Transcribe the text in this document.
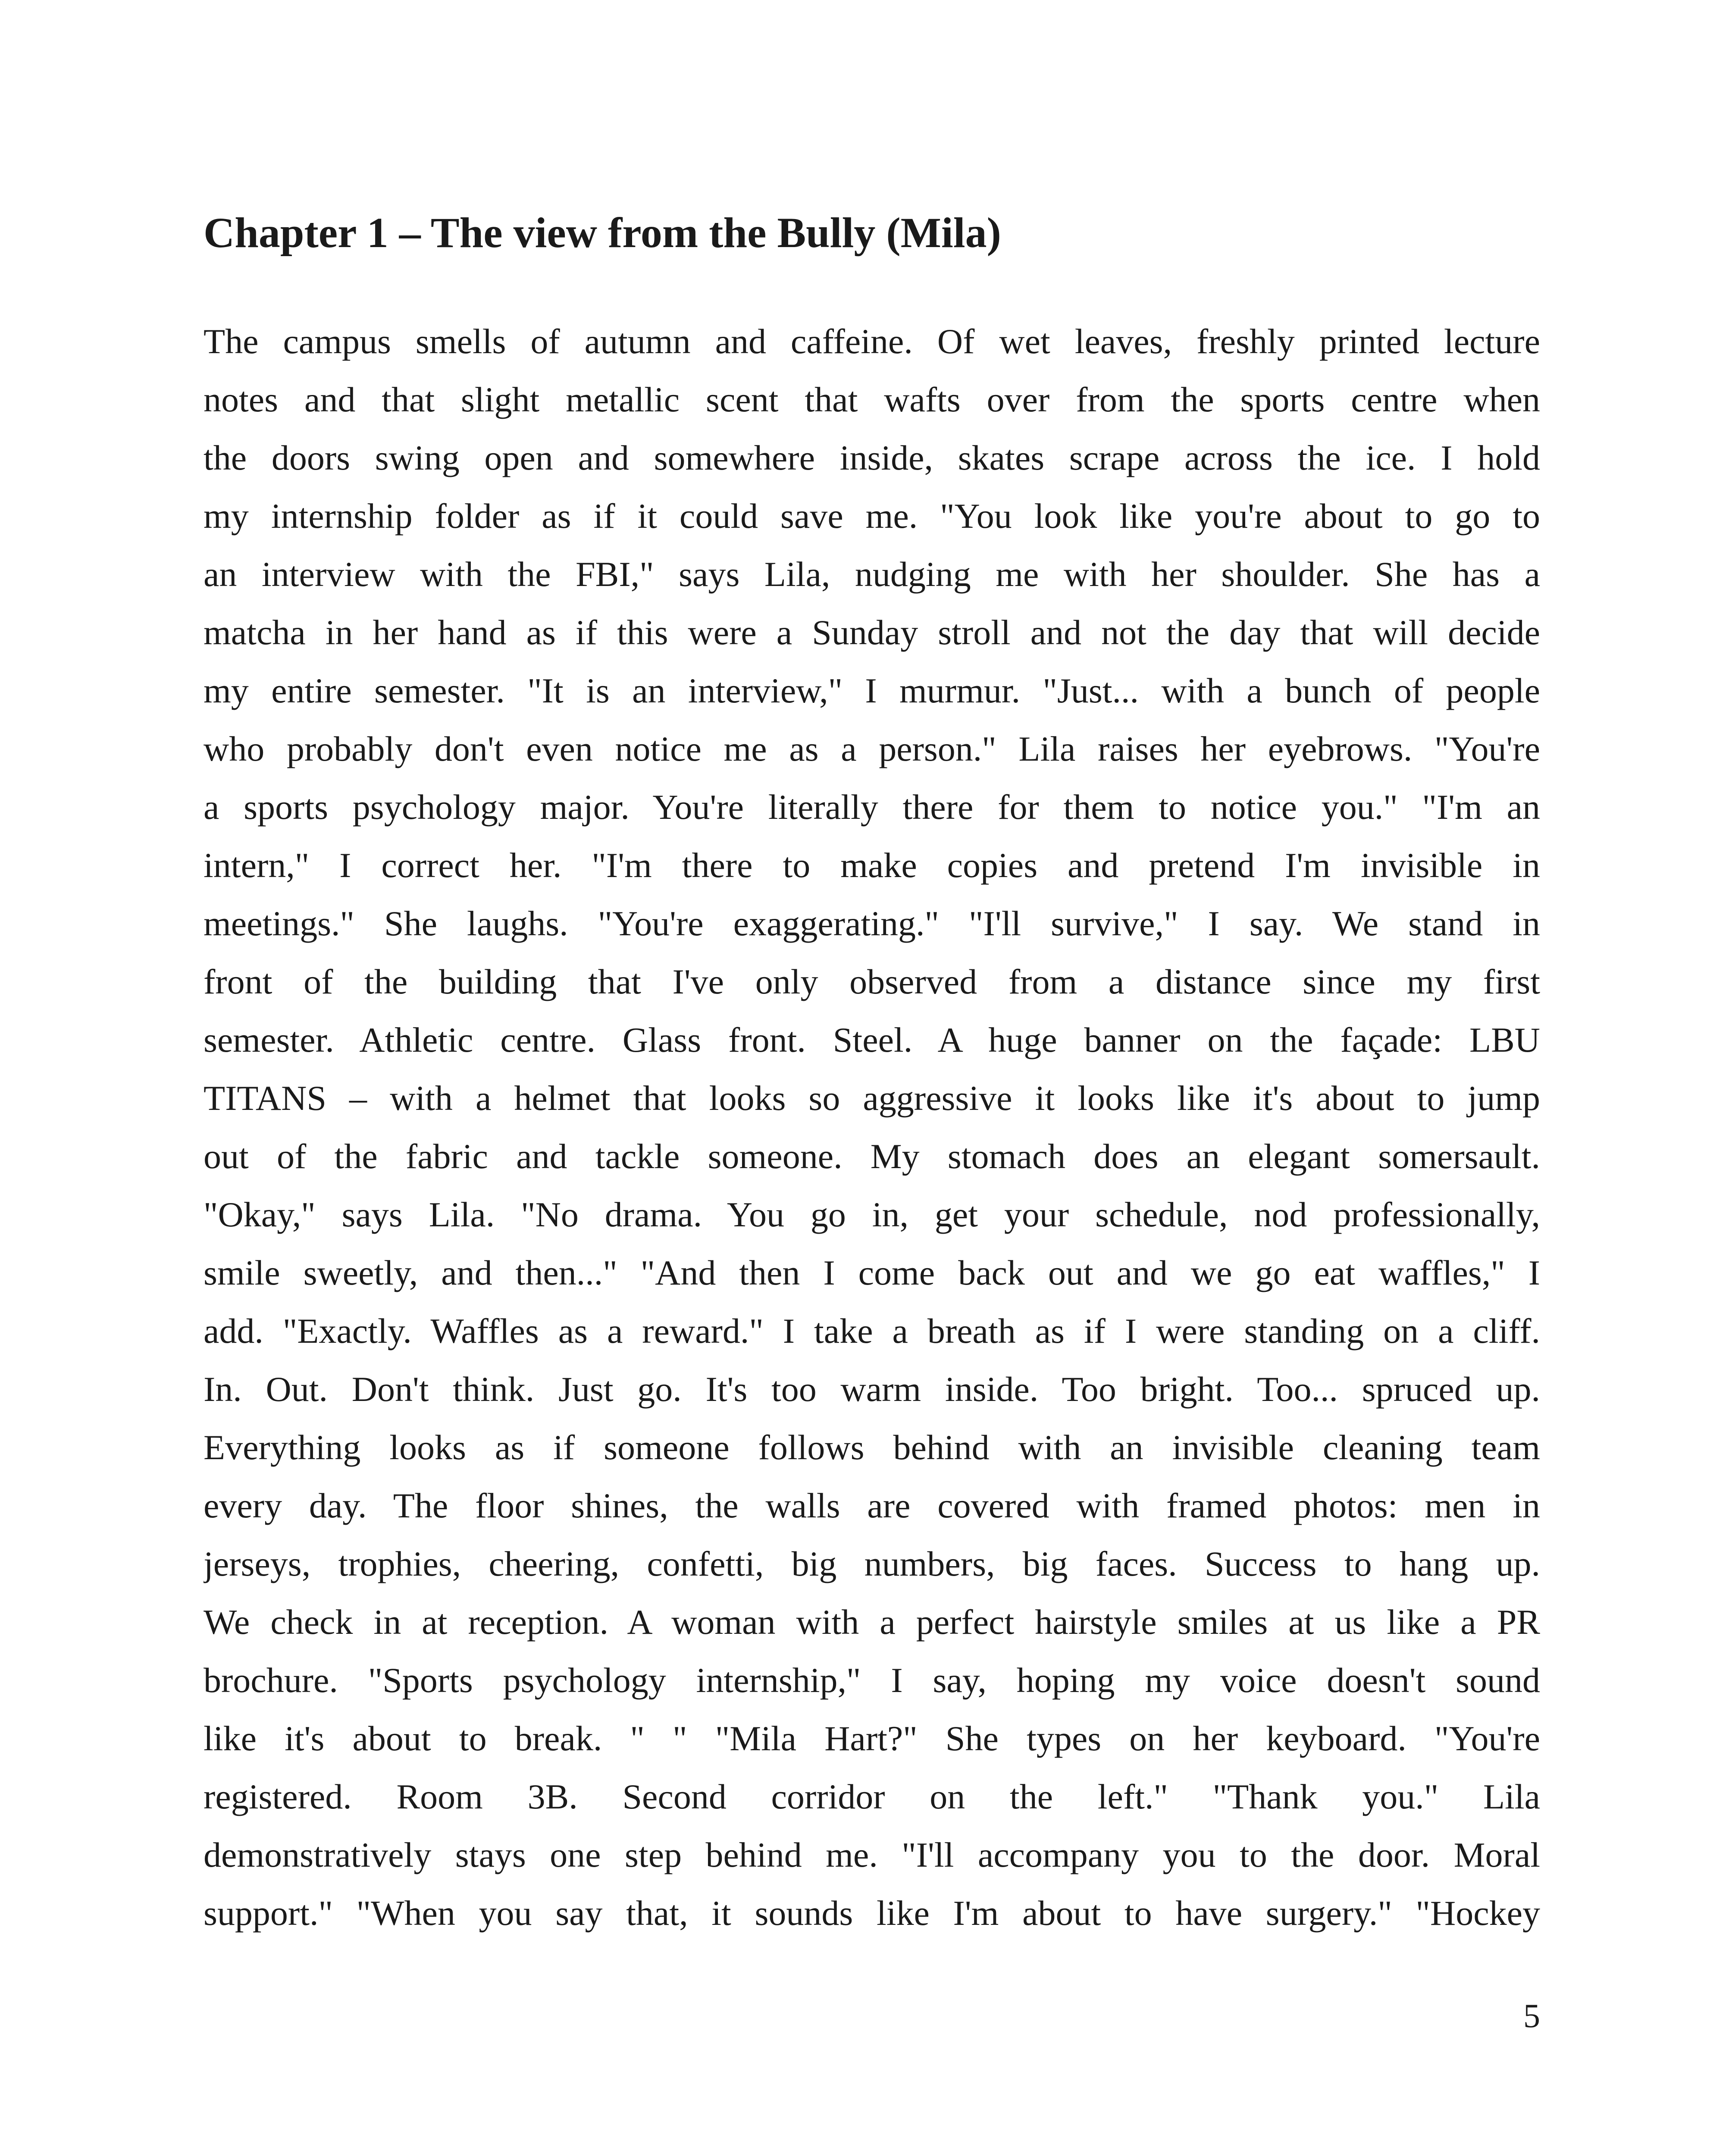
Chapter 1 – The view from the Bully (Mila)
The campus smells of autumn and caffeine. Of wet leaves, freshly printed lecture
notes and that slight metallic scent that wafts over from the sports centre when
the doors swing open and somewhere inside, skates scrape across the ice. I hold
my internship folder as if it could save me. "You look like you're about to go to
an interview with the FBI," says Lila, nudging me with her shoulder. She has a
matcha in her hand as if this were a Sunday stroll and not the day that will decide
my entire semester. "It is an interview," I murmur. "Just... with a bunch of people
who probably don't even notice me as a person." Lila raises her eyebrows. "You're
a sports psychology major. You're literally there for them to notice you." "I'm an
intern," I correct her. "I'm there to make copies and pretend I'm invisible in
meetings." She laughs. "You're exaggerating." "I'll survive," I say. We stand in
front of the building that I've only observed from a distance since my first
semester. Athletic centre. Glass front. Steel. A huge banner on the façade: LBU
TITANS – with a helmet that looks so aggressive it looks like it's about to jump
out of the fabric and tackle someone. My stomach does an elegant somersault.
"Okay," says Lila. "No drama. You go in, get your schedule, nod professionally,
smile sweetly, and then..." "And then I come back out and we go eat waffles," I
add. "Exactly. Waffles as a reward." I take a breath as if I were standing on a cliff.
In. Out. Don't think. Just go. It's too warm inside. Too bright. Too... spruced up.
Everything looks as if someone follows behind with an invisible cleaning team
every day. The floor shines, the walls are covered with framed photos: men in
jerseys, trophies, cheering, confetti, big numbers, big faces. Success to hang up.
We check in at reception. A woman with a perfect hairstyle smiles at us like a PR
brochure. "Sports psychology internship," I say, hoping my voice doesn't sound
like it's about to break. " " "Mila Hart?" She types on her keyboard. "You're
registered. Room 3B. Second corridor on the left." "Thank you." Lila
demonstratively stays one step behind me. "I'll accompany you to the door. Moral
support." "When you say that, it sounds like I'm about to have surgery." "Hockey
5
